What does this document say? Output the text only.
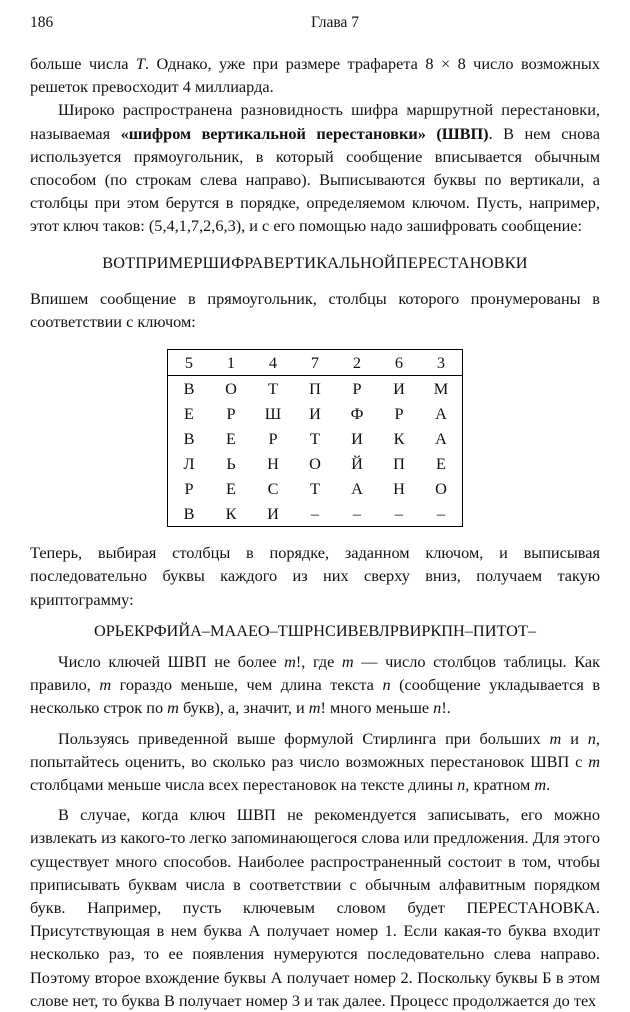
186	Глава 7

больше числа T. Однако, уже при размере трафарета 8 × 8 число возможных решеток превосходит 4 миллиарда.

Широко распространена разновидность шифра маршрутной перестановки, называемая «шифром вертикальной перестановки» (ШВП). В нем снова используется прямоугольник, в который сообщение вписывается обычным способом (по строкам слева направо). Выписываются буквы по вертикали, а столбцы при этом берутся в порядке, определяемом ключом. Пусть, например, этот ключ таков: (5,4,1,7,2,6,3), и с его помощью надо зашифровать сообщение:

ВОТПРИМЕРШИФРАВЕРТИКАЛЬНОЙПЕРЕСТАНОВКИ

Впишем сообщение в прямоугольник, столбцы которого пронумерованы в соответствии с ключом:

5	1	4	7	2	6	3
В	О	Т	П	Р	И	М
Е	Р	Ш	И	Ф	Р	А
В	Е	Р	Т	И	К	А
Л	Ь	Н	О	Й	П	Е
Р	Е	С	Т	А	Н	О
В	К	И	–	–	–	–

Теперь, выбирая столбцы в порядке, заданном ключом, и выписывая последовательно буквы каждого из них сверху вниз, получаем такую криптограмму:

ОРЬЕКРФИЙА–МААЕО–ТШРНСИВЕВЛРВИРКПН–ПИТОТ–

Число ключей ШВП не более m!, где m — число столбцов таблицы. Как правило, m гораздо меньше, чем длина текста n (сообщение укладывается в несколько строк по m букв), а, значит, и m! много меньше n!.

Пользуясь приведенной выше формулой Стирлинга при больших m и n, попытайтесь оценить, во сколько раз число возможных перестановок ШВП с m столбцами меньше числа всех перестановок на тексте длины n, кратном m.

В случае, когда ключ ШВП не рекомендуется записывать, его можно извлекать из какого-то легко запоминающегося слова или предложения. Для этого существует много способов. Наиболее распространенный состоит в том, чтобы приписывать буквам числа в соответствии с обычным алфавитным порядком букв. Например, пусть ключевым словом будет ПЕРЕСТАНОВКА. Присутствующая в нем буква А получает номер 1. Если какая-то буква входит несколько раз, то ее появления нумеруются последовательно слева направо. Поэтому второе вхождение буквы А получает номер 2. Поскольку буквы Б в этом слове нет, то буква В получает номер 3 и так далее. Процесс продолжается до тех
